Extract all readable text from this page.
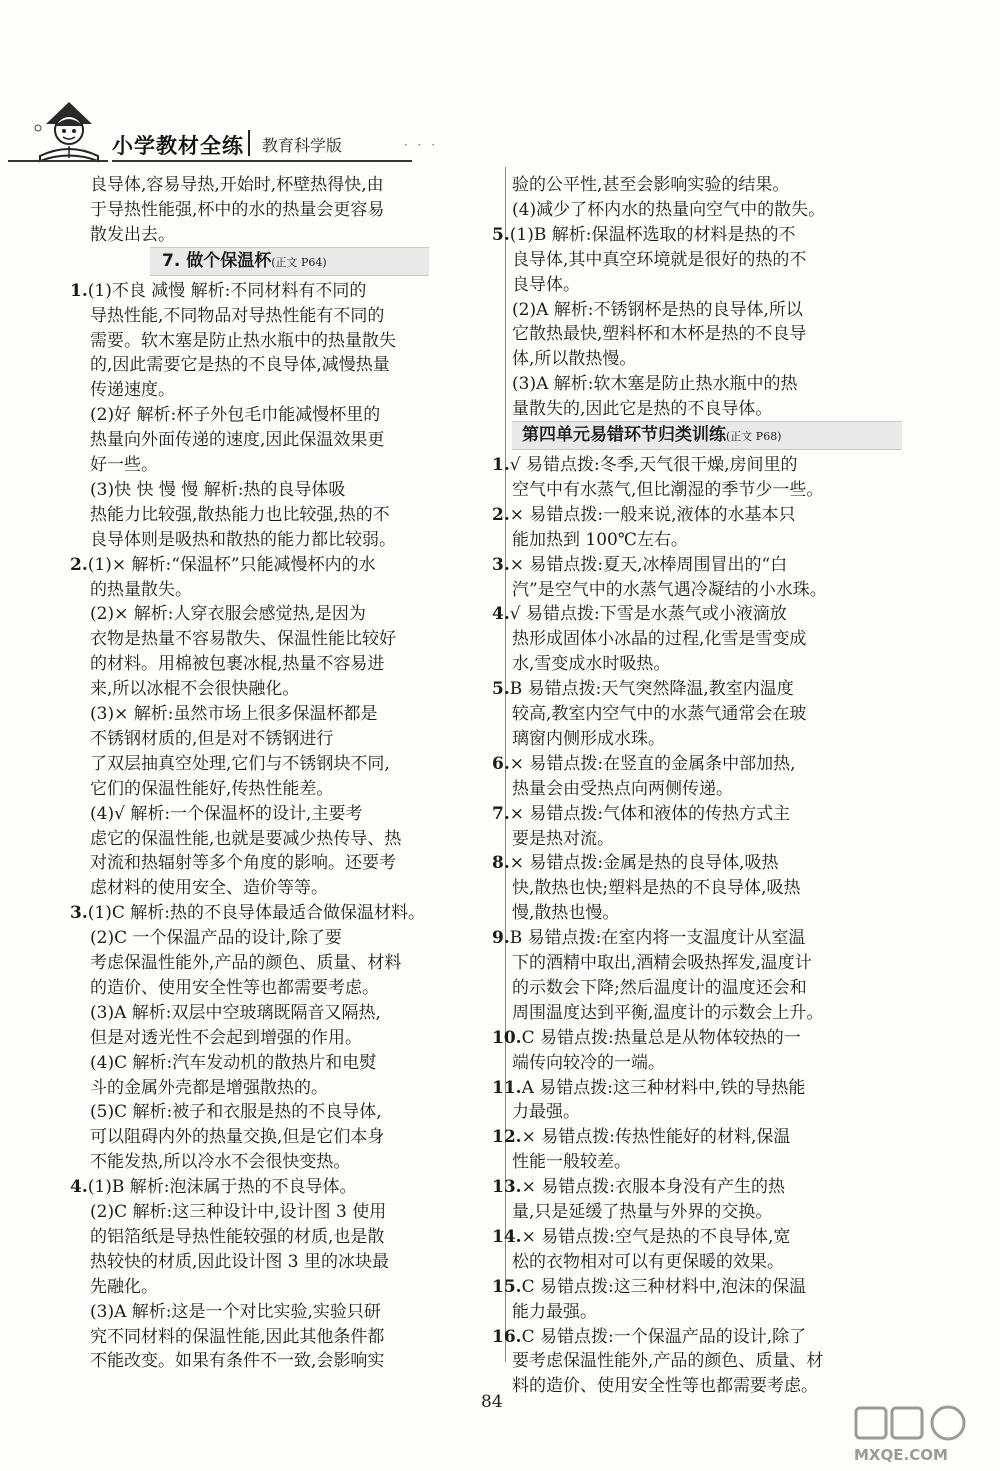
小学教材全练 教育科学版	· · ·
良导体,容易导热,开始时,杯壁热得快,由
于导热性能强,杯中的水的热量会更容易
散发出去。
7. 做个保温杯(正文 P64)
1.(1)不良 减慢 解析:不同材料有不同的
导热性能,不同物品对导热性能有不同的
需要。软木塞是防止热水瓶中的热量散失
的,因此需要它是热的不良导体,减慢热量
传递速度。
(2)好 解析:杯子外包毛巾能减慢杯里的
热量向外面传递的速度,因此保温效果更
好一些。
(3)快 快 慢 慢 解析:热的良导体吸
热能力比较强,散热能力也比较强,热的不
良导体则是吸热和散热的能力都比较弱。
2.(1)× 解析:“保温杯”只能减慢杯内的水
的热量散失。
(2)× 解析:人穿衣服会感觉热,是因为
衣物是热量不容易散失、保温性能比较好
的材料。用棉被包裹冰棍,热量不容易进
来,所以冰棍不会很快融化。
(3)× 解析:虽然市场上很多保温杯都是
不锈钢材质的,但是对不锈钢进行
了双层抽真空处理,它们与不锈钢块不同,
它们的保温性能好,传热性能差。
(4)√ 解析:一个保温杯的设计,主要考
虑它的保温性能,也就是要减少热传导、热
对流和热辐射等多个角度的影响。还要考
虑材料的使用安全、造价等等。
3.(1)C 解析:热的不良导体最适合做保温材料。
(2)C 一个保温产品的设计,除了要
考虑保温性能外,产品的颜色、质量、材料
的造价、使用安全性等也都需要考虑。
(3)A 解析:双层中空玻璃既隔音又隔热,
但是对透光性不会起到增强的作用。
(4)C 解析:汽车发动机的散热片和电熨
斗的金属外壳都是增强散热的。
(5)C 解析:被子和衣服是热的不良导体,
可以阻碍内外的热量交换,但是它们本身
不能发热,所以冷水不会很快变热。
4.(1)B 解析:泡沫属于热的不良导体。
(2)C 解析:这三种设计中,设计图 3 使用
的铝箔纸是导热性能较强的材质,也是散
热较快的材质,因此设计图 3 里的冰块最
先融化。
(3)A 解析:这是一个对比实验,实验只研
究不同材料的保温性能,因此其他条件都
不能改变。如果有条件不一致,会影响实
验的公平性,甚至会影响实验的结果。
(4)减少了杯内水的热量向空气中的散失。
5.(1)B 解析:保温杯选取的材料是热的不
良导体,其中真空环境就是很好的热的不
良导体。
(2)A 解析:不锈钢杯是热的良导体,所以
它散热最快,塑料杯和木杯是热的不良导
体,所以散热慢。
(3)A 解析:软木塞是防止热水瓶中的热
量散失的,因此它是热的不良导体。
第四单元易错环节归类训练(正文 P68)
1.√ 易错点拨:冬季,天气很干燥,房间里的
空气中有水蒸气,但比潮湿的季节少一些。
2.× 易错点拨:一般来说,液体的水基本只
能加热到 100℃左右。
3.× 易错点拨:夏天,冰棒周围冒出的“白
汽”是空气中的水蒸气遇冷凝结的小水珠。
4.√ 易错点拨:下雪是水蒸气或小液滴放
热形成固体小冰晶的过程,化雪是雪变成
水,雪变成水时吸热。
5.B 易错点拨:天气突然降温,教室内温度
较高,教室内空气中的水蒸气通常会在玻
璃窗内侧形成水珠。
6.× 易错点拨:在竖直的金属条中部加热,
热量会由受热点向两侧传递。
7.× 易错点拨:气体和液体的传热方式主
要是热对流。
8.× 易错点拨:金属是热的良导体,吸热
快,散热也快;塑料是热的不良导体,吸热
慢,散热也慢。
9.B 易错点拨:在室内将一支温度计从室温
下的酒精中取出,酒精会吸热挥发,温度计
的示数会下降;然后温度计的温度还会和
周围温度达到平衡,温度计的示数会上升。
10.C 易错点拨:热量总是从物体较热的一
端传向较冷的一端。
11.A 易错点拨:这三种材料中,铁的导热能
力最强。
12.× 易错点拨:传热性能好的材料,保温
性能一般较差。
13.× 易错点拨:衣服本身没有产生的热
量,只是延缓了热量与外界的交换。
14.× 易错点拨:空气是热的不良导体,宽
松的衣物相对可以有更保暖的效果。
15.C 易错点拨:这三种材料中,泡沫的保温
能力最强。
16.C 易错点拨:一个保温产品的设计,除了
要考虑保温性能外,产品的颜色、质量、材
料的造价、使用安全性等也都需要考虑。
84
MXQE.COM
